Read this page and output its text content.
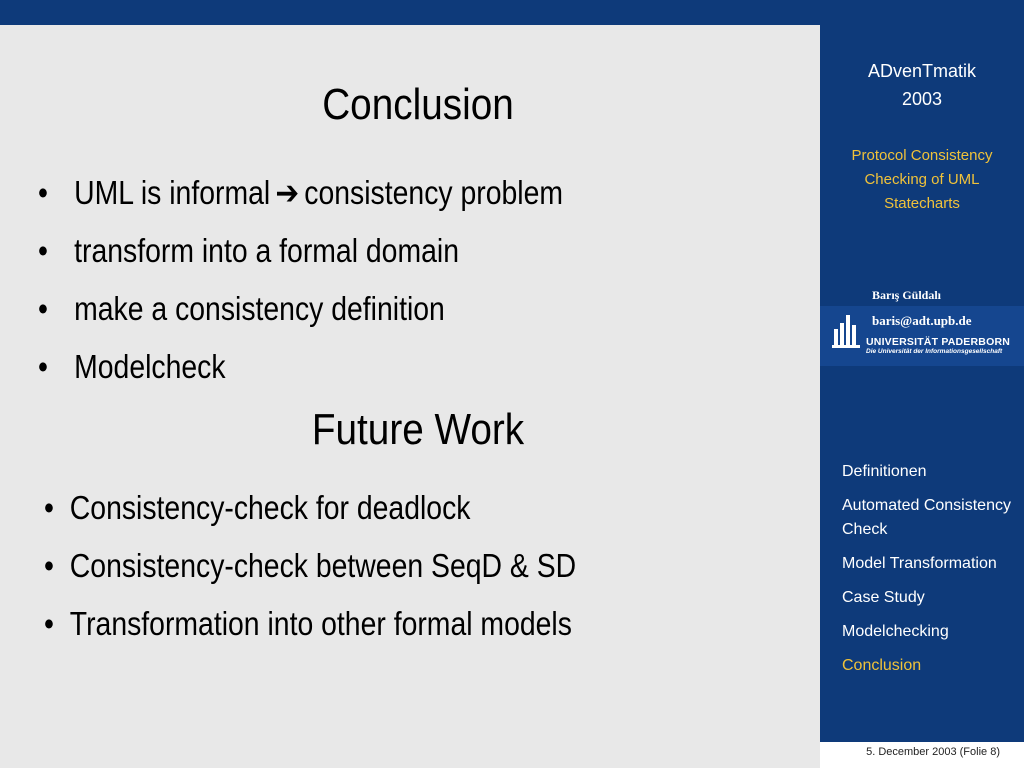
ADvenTmatik
2003
Protocol Consistency Checking of UML Statecharts
Barış Güldalı
baris@adt.upb.de
UNIVERSITÄT PADERBORN
Die Universität der Informationsgesellschaft
Definitionen
Automated Consistency Check
Model Transformation
Case Study
Modelchecking
Conclusion
Conclusion
• UML is informal ➔ consistency problem
• transform into a formal domain
• make a consistency definition
• Modelcheck
Future Work
• Consistency-check for deadlock
• Consistency-check between SeqD & SD
• Transformation into other formal models
5. December 2003 (Folie 8)
